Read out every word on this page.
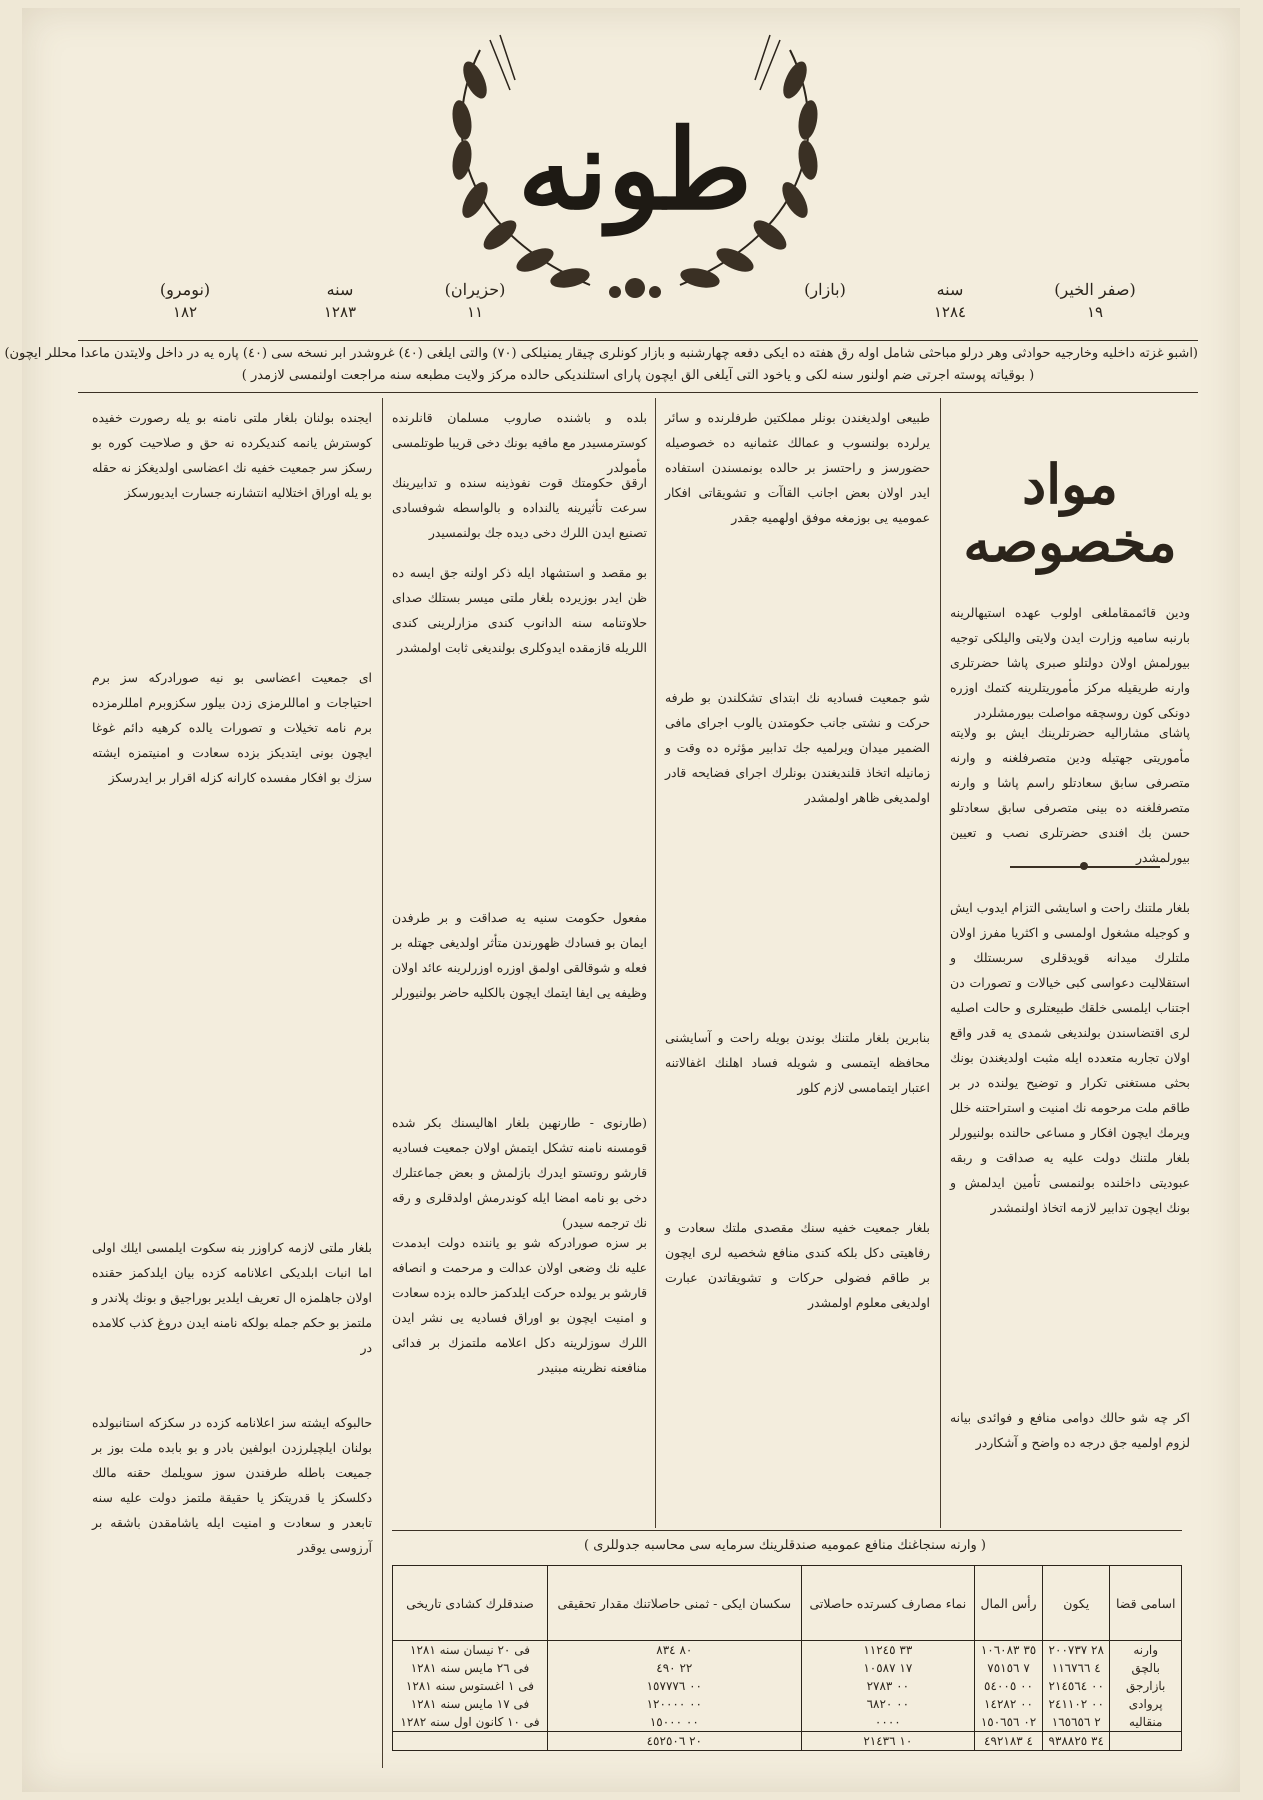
طونه
(صفر الخير)
١٩
سنه
١٢٨٤
(بازار)
(حزيران)
١١
سنه
١٢٨٣
(نومرو)
١٨٢
(اشبو غزته داخليه وخارجيه حوادثی وهر درلو مباحثی شامل اوله رق هفته ده ايكی دفعه چهارشنبه و بازار كونلری چيقار يمنيلكی (٧٠) والتی ايلغی (٤٠) غروشدر ابر نسخه سی (٤٠) پاره يه در داخل ولايتدن ماعدا محللر ايچون)
( بوقياته پوسته اجرتی ضم اولنور سنه لكی و ياخود التی آيلغی الق ايچون پارای استلنديكی حالده مركز ولايت مطبعه سنه مراجعت اولنمسی لازمدر )
مواد مخصوصه
ودين قائممقاملغی اولوب عهده استيهالرينه بارنبه سامیه وزارت ايدن ولايتی واليلكی توجيه بيورلمش اولان دولتلو صبری پاشا حضرتلری وارنه طريقيله مركز مأموريتلرينه كتمك اوزره دونكی كون روسچقه مواصلت بيورمشلردر
پاشای مشارالیه حضرتلرينك ايش بو ولايته مأموريتی جهتيله ودين متصرفلغنه و وارنه متصرفی سابق سعادتلو راسم پاشا و وارنه متصرفلغنه ده بينی متصرفی سابق سعادتلو حسن بك افندی حضرتلری نصب و تعيين بيورلمشدر
بلغار ملتنك راحت و اسايشی التزام ايدوب ايش و كوجيله مشغول اولمسی و اكثريا مفرز اولان ملتلرك ميدانه قويدقلری سربستلك و استقلاليت دعواسی كبی خيالات و تصورات دن اجتناب ايلمسی خلقك طبيعتلری و حالت اصليه لری اقتضاسندن بولنديغی شمدی يه قدر واقع اولان تجاربه متعدده ايله مثبت اولديغندن بونك بحثی مستغنی تكرار و توضيح يولنده در بر طاقم ملت مرحومه نك امنيت و استراحتنه خلل ويرمك ايچون افكار و مساعی حالنده بولنيورلر بلغار ملتنك دولت علیه يه صداقت و ربقه عبوديتی داخلنده بولنمسی تأمين ايدلمش و بونك ايچون تدابير لازمه اتخاذ اولنمشدر
اكر چه شو حالك دوامی منافع و فوائدی بيانه لزوم اولميه جق درجه ده واضح و آشكاردر
طبيعی اولديغندن بونلر مملكتين طرفلرنده و سائر يرلرده بولنسوب و عمالك عثمانيه ده خصوصيله حضورسز و راحتسز بر حالده بونمسندن استفاده ايدر اولان بعض اجانب القاآت و تشويقاتی افكار عموميه يی بوزمغه موفق اولهميه جقدر
شو جمعيت فساديه نك ابتدای تشكلندن بو طرفه حركت و نشتی جانب حكومتدن يالوب اجرای مافی الضمير ميدان ويرلميه جك تدابير مؤثره ده وقت و زمانيله اتخاذ قلنديغندن بونلرك اجرای فضايحه قادر اولمديغی ظاهر اولمشدر
بنابرين بلغار ملتنك بوندن بويله راحت و آسايشنی محافظه ايتمسی و شويله فساد اهلنك اغفالاتنه اعتبار ايتمامسی لازم كلور
بلغار جمعيت خفيه سنك مقصدی ملتك سعادت و رفاهيتی دكل بلكه كندی منافع شخصيه لری ايچون بر طاقم فضولی حركات و تشويقاتدن عبارت اولديغی معلوم اولمشدر
بلده و باشنده صاروب مسلمان قانلرنده كوسترمسيدر مع مافيه بونك دخی قريبا طوتلمسی مأمولدر
ارقق حكومتك قوت نفوذينه سنده و تدابيرينك سرعت تأثيرينه يالنداده و بالواسطه شوفسادی تصنيع ايدن اللرك دخی ديده جك بولنمسيدر
بو مقصد و استشهاد ايله ذكر اولنه جق ايسه ده ظن ايدر بوزيرده بلغار ملتی ميسر بستلك صدای حلاوتنامه سنه الدانوب كندی مزارلرينی كندی اللريله قازمقده ايدوكلری بولنديغی ثابت اولمشدر
مفعول حكومت سنيه يه صداقت و بر طرفدن ايمان بو فسادك ظهورندن متأثر اولديغی جهتله بر فعله و شوقالقی اولمق اوزره اوزرلرينه عائد اولان وظيفه يی ايفا ايتمك ايچون بالكليه حاضر بولنيورلر
(طارنوی - طارنهين بلغار اهاليسنك بكر شده قومسنه نامنه تشكل ايتمش اولان جمعيت فساديه قارشو روتستو ايدرك بازلمش و بعض جماعتلرك دخی بو نامه امضا ايله كوندرمش اولدقلری و رقه نك ترجمه سيدر)
بر سزه صورادركه شو بو ياننده دولت ابدمدت عليه نك وضعی اولان عدالت و مرحمت و انصافه قارشو بر يولده حركت ايلدكمز حالده بزده سعادت و امنيت ايچون بو اوراق فساديه يی نشر ايدن اللرك سوزلرينه دكل اعلامه ملتمزك بر فدائی منافعنه نظرينه مبنيدر
ايجنده بولنان بلغار ملتی نامنه بو يله رصورت خفيده كوسترش يانمه كنديكرده نه حق و صلاحيت كوره بو رسكز سر جمعيت خفيه نك اعضاسی اولديغكز نه حقله بو يله اوراق اختلاليه انتشارنه جسارت ايديورسكز
ای جمعيت اعضاسی بو نيه صورادركه سز برم احتياجات و اماللرمزی زدن بيلور سكزوبرم امللرمزده برم نامه تخيلات و تصورات يالده كرهيه دائم غوغا ايچون بونی ايتديكز بزده سعادت و امنيتمزه ايشته سزك بو افكار مفسده كارانه كزله اقرار بر ايدرسكز
بلغار ملتی لازمه كراوزر بنه سكوت ايلمسی ايلك اولی اما انبات ابلديكی اعلانامه كزده بيان ايلدكمز حقنده اولان جاهلمزه ال تعريف ايلدير بوراجيق و بونك پلاندر و ملتمز بو حكم جمله بولكه نامنه ايدن دروغ كذب كلامده در
حالبوكه ايشته سز اعلانامه كزده در سكزكه استانبولده بولنان ايلچيلرزدن ابولفين بادر و بو بابده ملت بوز بر جميعت باطله طرفندن سوز سويلمك حقنه مالك دكلسكز يا قدريتكز يا حقيقة ملتمز دولت عليه سنه تابعدر و سعادت و امنيت ايله ياشامقدن باشقه بر آرزوسی يوقدر	( وارنه سنجاغنك منافع عموميه صندقلرينك سرمايه سی محاسبه جدوللری )
اسامی قضا	يكون	رأس المال	نماء مصارف كسرتده حاصلاتی	سكسان ايكی - ثمنی حاصلاتنك مقدار تحقيقی	صندقلرك كشادی تاريخی
وارنه	٢٨ ٢٠٠٧٣٧	٣٥ ١٠٦٠٨٣	٣٣ ١١٢٤٥	٨٠ ٨٣٤	فی ٢٠ نيسان سنه ١٢٨١
بالچق	٤ ١١٦٧٦٦	٧ ٧٥١٥٦	١٧ ١٠٥٨٧	٢٢ ٤٩٠	فی ٢٦ مايس سنه ١٢٨١
بازارجق	٠٠ ٢١٤٥٦٤	٠٠ ٥٤٠٠٥	٠٠ ٢٧٨٣	٠٠ ١٥٧٧٧٦	فی ١ اغستوس سنه ١٢٨١
پروادی	٠٠ ٢٤١١٠٢	٠٠ ١٤٢٨٢	٠٠ ٦٨٢٠	٠٠ ١٢٠٠٠٠	فی ١٧ مايس سنه ١٢٨١
منقاليه	٢ ١٦٥٦٥٦	٠٢ ١٥٠٦٥٦	٠٠٠٠	٠٠ ١٥٠٠٠	فی ١٠ كانون اول سنه ١٢٨٢
	٣٤ ٩٣٨٨٢٥	٤ ٤٩٢١٨٣	١٠ ٢١٤٣٦	٢٠ ٤٥٢٥٠٦	
